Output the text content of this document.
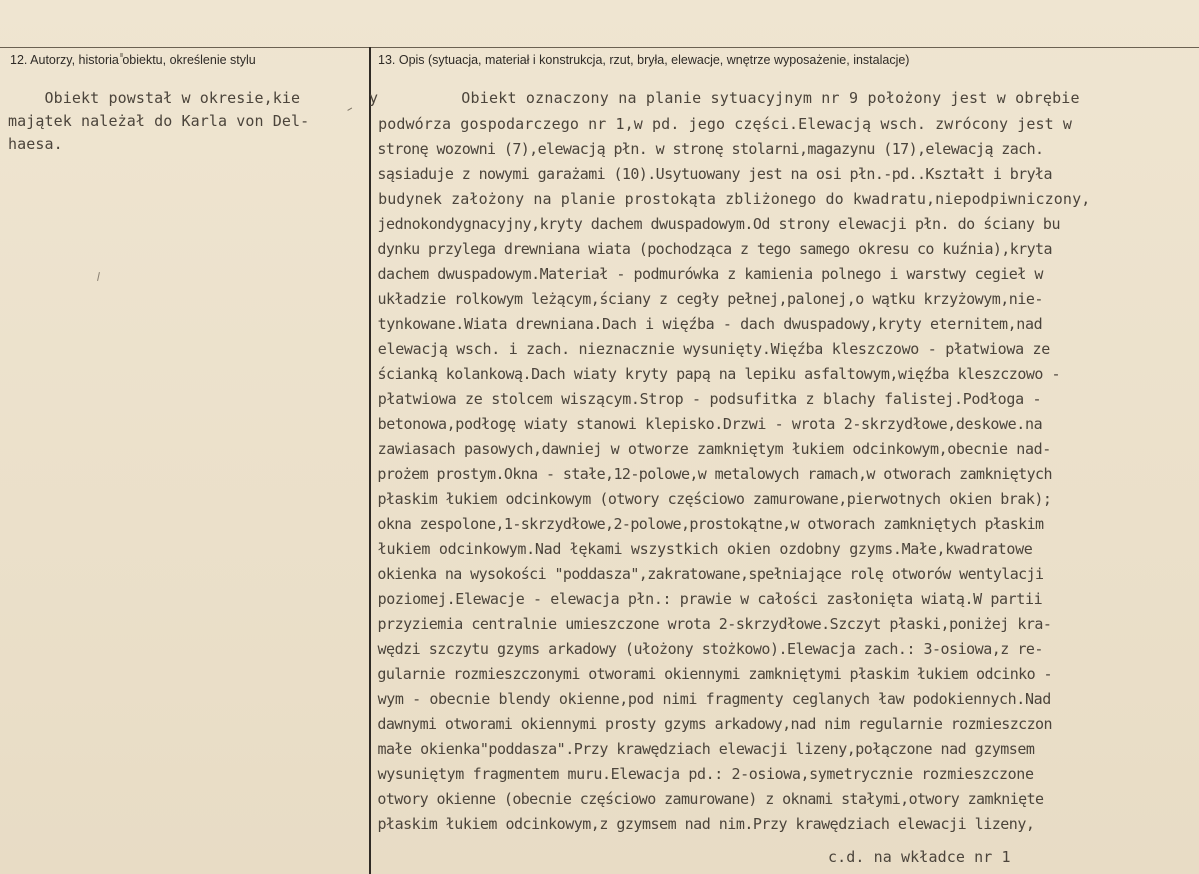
12. Autorzy, historia obiektu, określenie stylu	13. Opis (sytuacja, materiał i konstrukcja, rzut, bryła, elewacje, wnętrze wyposażenie, instalacje)
Obiekt powstał w okresie,kie
majątek należał do Karla von Del-
haesa.
y         Obiekt oznaczony na planie sytuacyjnym nr 9 położony jest w obrębie
podwórza gospodarczego nr 1,w pd. jego części.Elewacją wsch. zwrócony jest w
stronę wozowni (7),elewacją płn. w stronę stolarni,magazynu (17),elewacją zach.
sąsiaduje z nowymi garażami (10).Usytuowany jest na osi płn.-pd..Kształt i bryła
budynek założony na planie prostokąta zbliżonego do kwadratu,niepodpiwniczony,
jednokondygnacyjny,kryty dachem dwuspadowym.Od strony elewacji płn. do ściany bu
dynku przylega drewniana wiata (pochodząca z tego samego okresu co kuźnia),kryta
dachem dwuspadowym.Materiał - podmurówka z kamienia polnego i warstwy cegieł w
układzie rolkowym leżącym,ściany z cegły pełnej,palonej,o wątku krzyżowym,nie-
tynkowane.Wiata drewniana.Dach i więźba - dach dwuspadowy,kryty eternitem,nad
elewacją wsch. i zach. nieznacznie wysunięty.Więźba kleszczowo - płatwiowa ze
ścianką kolankową.Dach wiaty kryty papą na lepiku asfaltowym,więźba kleszczowo -
płatwiowa ze stolcem wiszącym.Strop - podsufitka z blachy falistej.Podłoga -
betonowa,podłogę wiaty stanowi klepisko.Drzwi - wrota 2-skrzydłowe,deskowe.na
zawiasach pasowych,dawniej w otworze zamkniętym łukiem odcinkowym,obecnie nad-
prożem prostym.Okna - stałe,12-polowe,w metalowych ramach,w otworach zamkniętych
płaskim łukiem odcinkowym (otwory częściowo zamurowane,pierwotnych okien brak);
okna zespolone,1-skrzydłowe,2-polowe,prostokątne,w otworach zamkniętych płaskim
łukiem odcinkowym.Nad łękami wszystkich okien ozdobny gzyms.Małe,kwadratowe
okienka na wysokości "poddasza",zakratowane,spełniające rolę otworów wentylacji
poziomej.Elewacje - elewacja płn.: prawie w całości zasłonięta wiatą.W partii
przyziemia centralnie umieszczone wrota 2-skrzydłowe.Szczyt płaski,poniżej kra-
wędzi szczytu gzyms arkadowy (ułożony stożkowo).Elewacja zach.: 3-osiowa,z re-
gularnie rozmieszczonymi otworami okiennymi zamkniętymi płaskim łukiem odcinko -
wym - obecnie blendy okienne,pod nimi fragmenty ceglanych ław podokiennych.Nad
dawnymi otworami okiennymi prosty gzyms arkadowy,nad nim regularnie rozmieszczon
małe okienka"poddasza".Przy krawędziach elewacji lizeny,połączone nad gzymsem
wysuniętym fragmentem muru.Elewacja pd.: 2-osiowa,symetrycznie rozmieszczone
otwory okienne (obecnie częściowo zamurowane) z oknami stałymi,otwory zamknięte
płaskim łukiem odcinkowym,z gzymsem nad nim.Przy krawędziach elewacji lizeny,
c.d. na wkładce nr 1
